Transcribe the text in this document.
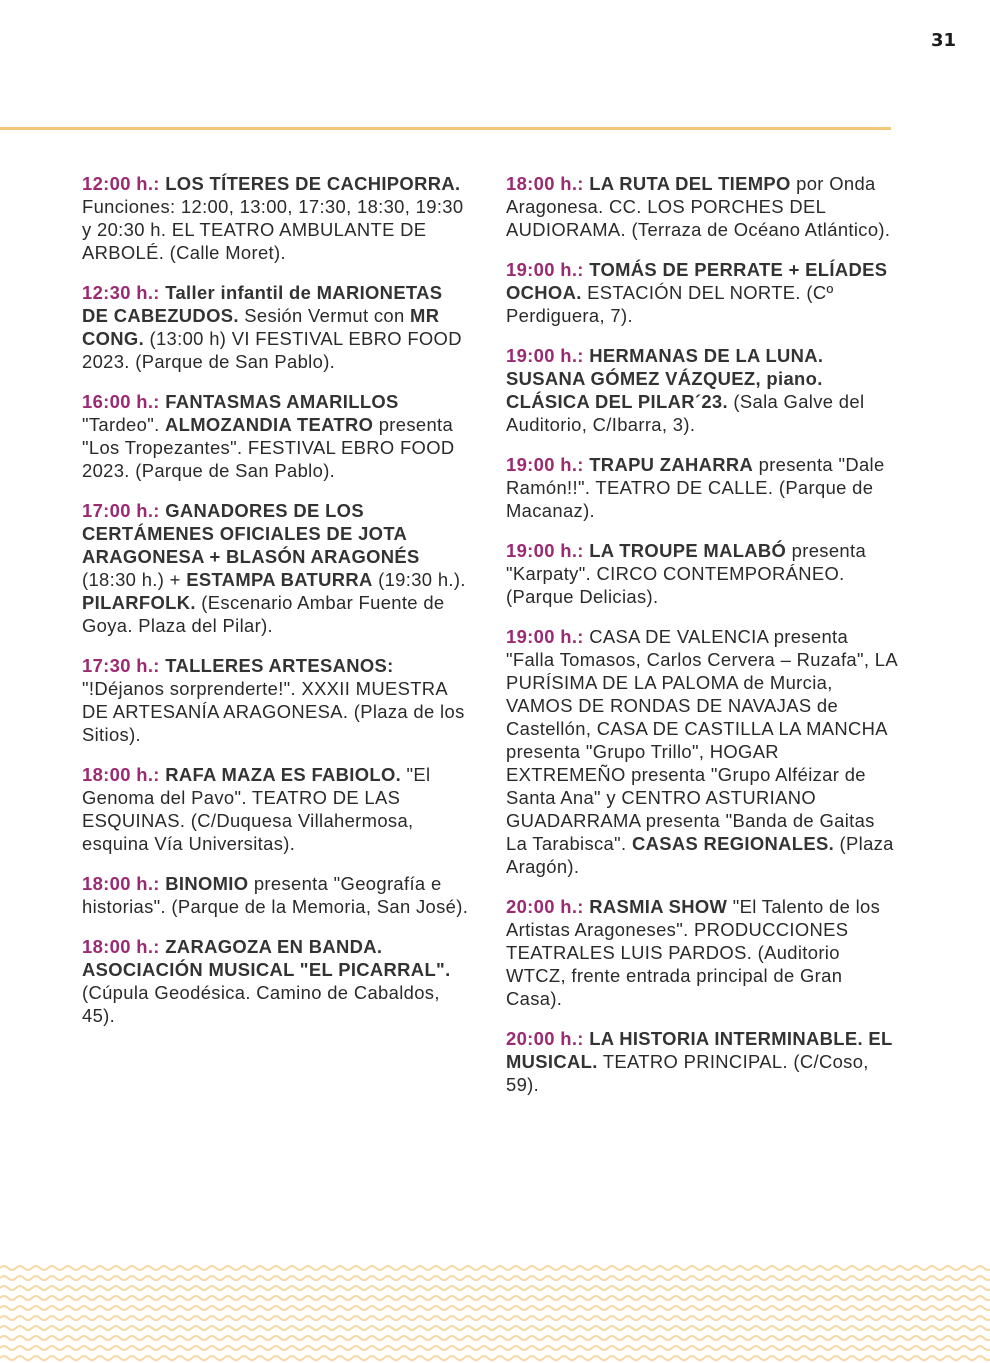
31

12:00 h.: LOS TÍTERES DE CACHIPORRA. Funciones: 12:00, 13:00, 17:30, 18:30, 19:30 y 20:30 h. EL TEATRO AMBULANTE DE ARBOLÉ. (Calle Moret).

12:30 h.: Taller infantil de MARIONETAS DE CABEZUDOS. Sesión Vermut con MR CONG. (13:00 h) VI FESTIVAL EBRO FOOD 2023. (Parque de San Pablo).

16:00 h.: FANTASMAS AMARILLOS "Tardeo". ALMOZANDIA TEATRO presenta "Los Tropezantes". FESTIVAL EBRO FOOD 2023. (Parque de San Pablo).

17:00 h.: GANADORES DE LOS CERTÁMENES OFICIALES DE JOTA ARAGONESA + BLASÓN ARAGONÉS (18:30 h.) + ESTAMPA BATURRA (19:30 h.). PILARFOLK. (Escenario Ambar Fuente de Goya. Plaza del Pilar).

17:30 h.: TALLERES ARTESANOS: "!Déjanos sorprenderte!". XXXII MUESTRA DE ARTESANÍA ARAGONESA. (Plaza de los Sitios).

18:00 h.: RAFA MAZA ES FABIOLO. "El Genoma del Pavo". TEATRO DE LAS ESQUINAS. (C/Duquesa Villahermosa, esquina Vía Universitas).

18:00 h.: BINOMIO presenta "Geografía e historias". (Parque de la Memoria, San José).

18:00 h.: ZARAGOZA EN BANDA. ASOCIACIÓN MUSICAL "EL PICARRAL". (Cúpula Geodésica. Camino de Cabaldos, 45).

18:00 h.: LA RUTA DEL TIEMPO por Onda Aragonesa. CC. LOS PORCHES DEL AUDIORAMA. (Terraza de Océano Atlántico).

19:00 h.: TOMÁS DE PERRATE + ELÍADES OCHOA. ESTACIÓN DEL NORTE. (Cº Perdiguera, 7).

19:00 h.: HERMANAS DE LA LUNA. SUSANA GÓMEZ VÁZQUEZ, piano. CLÁSICA DEL PILAR´23. (Sala Galve del Auditorio, C/Ibarra, 3).

19:00 h.: TRAPU ZAHARRA presenta "Dale Ramón!!". TEATRO DE CALLE. (Parque de Macanaz).

19:00 h.: LA TROUPE MALABÓ presenta "Karpaty". CIRCO CONTEMPORÁNEO. (Parque Delicias).

19:00 h.: CASA DE VALENCIA presenta "Falla Tomasos, Carlos Cervera – Ruzafa", LA PURÍSIMA DE LA PALOMA de Murcia, VAMOS DE RONDAS DE NAVAJAS de Castellón, CASA DE CASTILLA LA MANCHA presenta "Grupo Trillo", HOGAR EXTREMEÑO presenta "Grupo Alféizar de Santa Ana" y CENTRO ASTURIANO GUADARRAMA presenta "Banda de Gaitas La Tarabisca". CASAS REGIONALES. (Plaza Aragón).

20:00 h.: RASMIA SHOW "El Talento de los Artistas Aragoneses". PRODUCCIONES TEATRALES LUIS PARDOS. (Auditorio WTCZ, frente entrada principal de Gran Casa).

20:00 h.: LA HISTORIA INTERMINABLE. EL MUSICAL. TEATRO PRINCIPAL. (C/Coso, 59).
